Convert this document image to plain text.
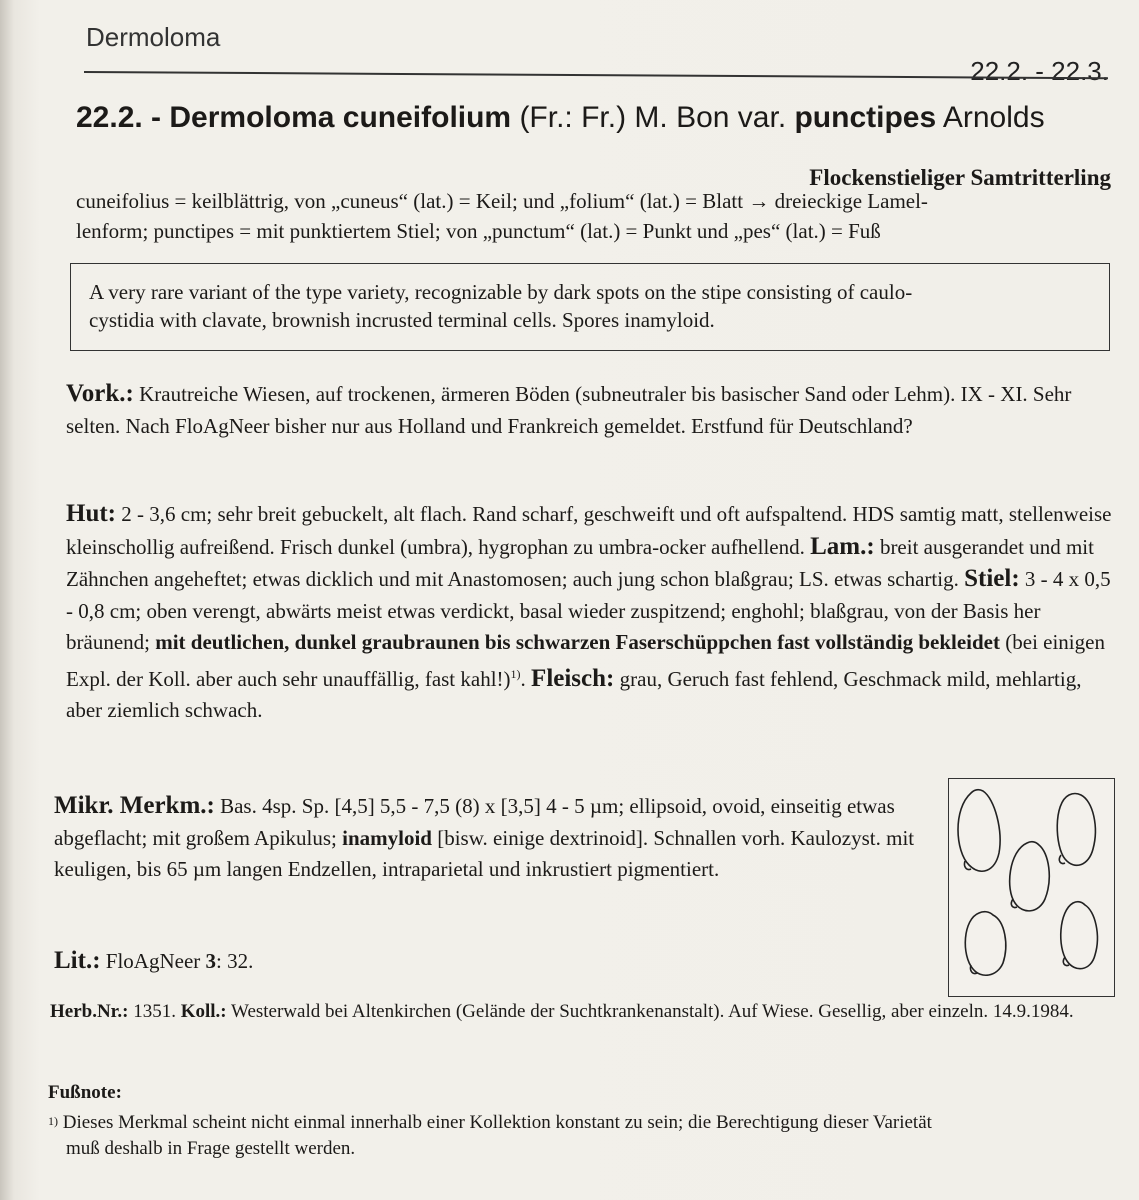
Dermoloma
22.2. - 22.3.
22.2. - Dermoloma cuneifolium (Fr.: Fr.) M. Bon var. punctipes Arnolds
Flockenstieliger Samtritterling
cuneifolius = keilblättrig, von „cuneus“ (lat.) = Keil; und „folium“ (lat.) = Blatt → dreieckige Lamel-
lenform; punctipes = mit punktiertem Stiel; von „punctum“ (lat.) = Punkt und „pes“ (lat.) = Fuß
A very rare variant of the type variety, recognizable by dark spots on the stipe consisting of caulo-
cystidia with clavate, brownish incrusted terminal cells. Spores inamyloid.
Vork.: Krautreiche Wiesen, auf trockenen, ärmeren Böden (subneutraler bis basischer Sand oder Lehm). IX - XI. Sehr selten. Nach FloAgNeer bisher nur aus Holland und Frankreich gemeldet. Erstfund für Deutschland?
Hut: 2 - 3,6 cm; sehr breit gebuckelt, alt flach. Rand scharf, geschweift und oft aufspaltend. HDS samtig matt, stellenweise kleinschollig aufreißend. Frisch dunkel (umbra), hygrophan zu umbra-ocker aufhellend. Lam.: breit ausgerandet und mit Zähnchen angeheftet; etwas dicklich und mit Anastomosen; auch jung schon blaßgrau; LS. etwas schartig. Stiel: 3 - 4 x 0,5 - 0,8 cm; oben verengt, abwärts meist etwas verdickt, basal wieder zuspitzend; enghohl; blaßgrau, von der Basis her bräunend; mit deutlichen, dunkel graubraunen bis schwarzen Faserschüppchen fast vollständig bekleidet (bei einigen Expl. der Koll. aber auch sehr unauffällig, fast kahl!)$^{1)}$. Fleisch: grau, Geruch fast fehlend, Geschmack mild, mehlartig, aber ziemlich schwach.
Mikr. Merkm.: Bas. 4sp. Sp. [4,5] 5,5 - 7,5 (8) x [3,5] 4 - 5 µm; ellipsoid, ovoid, einseitig etwas abgeflacht; mit großem Apikulus; inamyloid [bisw. einige dextrinoid]. Schnallen vorh. Kaulozyst. mit keuligen, bis 65 µm langen Endzellen, intraparietal und inkrustiert pigmentiert.
Lit.: FloAgNeer 3: 32.
Herb.Nr.: 1351. Koll.: Westerwald bei Altenkirchen (Gelände der Suchtkrankenanstalt). Auf Wiese. Gesellig, aber einzeln. 14.9.1984.
Fußnote:
$^{1)}$ Dieses Merkmal scheint nicht einmal innerhalb einer Kollektion konstant zu sein; die Berechtigung dieser Varietät
muß deshalb in Frage gestellt werden.
